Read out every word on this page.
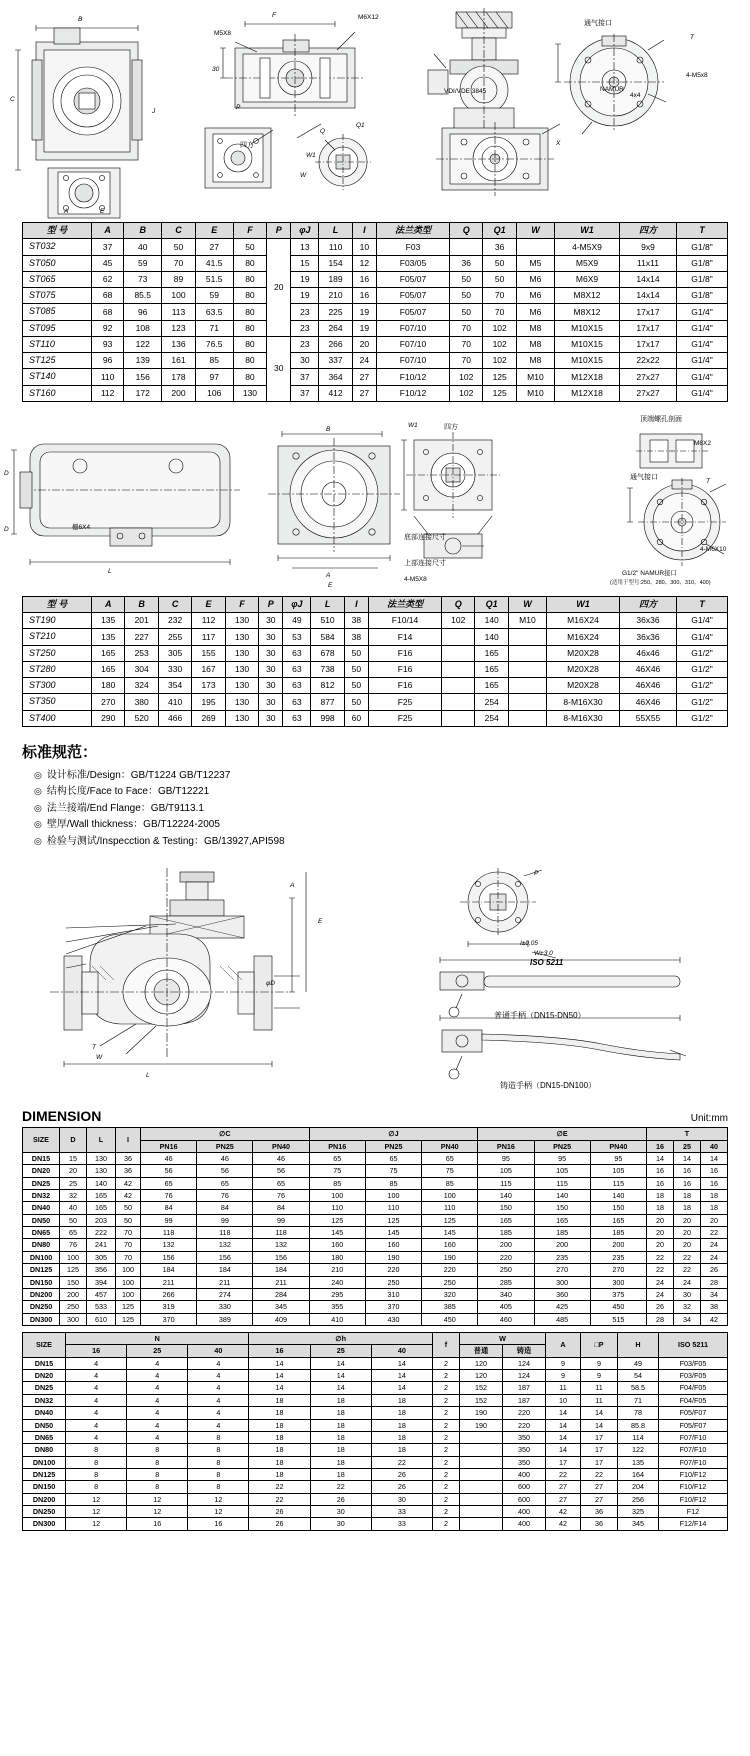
B
A	E
C
J
F
M5X8
M6X12
30
四方
Q
Q1
W1
W
VDI/VDE 3845	NAMUR
通气接口
T
4-M5x8
4x4
X
P
型 号	A	B	C	E	F	P	φJ	L	I	法兰类型	Q	Q1	W	W1	四方	T
ST032	37	40	50	27	50	20	13	110	10	F03		36		4-M5X9	9x9	G1/8"
ST050	45	59	70	41.5	80		15	154	12	F03/05	36	50	M5	M5X9	11x11	G1/8"
ST065	62	73	89	51.5	80		19	189	16	F05/07	50	50	M6	M6X9	14x14	G1/8"
ST075	68	85.5	100	59	80		19	210	16	F05/07	50	70	M6	M8X12	14x14	G1/8"
ST085	68	96	113	63.5	80		23	225	19	F05/07	50	70	M6	M8X12	17x17	G1/4"
ST095	92	108	123	71	80		23	264	19	F07/10	70	102	M8	M10X15	17x17	G1/4"
ST110	93	122	136	76.5	80	30	23	266	20	F07/10	70	102	M8	M10X15	17x17	G1/4"
ST125	96	139	161	85	80		30	337	24	F07/10	70	102	M8	M10X15	22x22	G1/4"
ST140	110	156	178	97	80		37	364	27	F10/12	102	125	M10	M12X18	27x27	G1/4"
ST160	112	172	200	106	130		37	412	27	F10/12	102	125	M10	M12X18	27x27	G1/4"
D
D	栅6X4
L
B
A
E
W1	四方
底部连接尺寸
上部连接尺寸
4-M5X8
顶端螺孔剖面
M8X2
通气接口
T
G1/2" NAMUR接口
(适用于型号:250、280、300、310、400)
4-M6X10
型 号	A	B	C	E	F	P	φJ	L	I	法兰类型	Q	Q1	W	W1	四方	T
ST190	135	201	232	112	130	30	49	510	38	F10/14	102	140	M10	M16X24	36x36	G1/4"
ST210	135	227	255	117	130	30	53	584	38	F14		140		M16X24	36x36	G1/4"
ST250	165	253	305	155	130	30	63	678	50	F16		165		M20X28	46x46	G1/2"
ST280	165	304	330	167	130	30	63	738	50	F16		165		M20X28	46X46	G1/2"
ST300	180	324	354	173	130	30	63	812	50	F16		165		M20X28	46X46	G1/2"
ST350	270	380	410	195	130	30	63	877	50	F25		254		8-M16X30	46X46	G1/2"
ST400	290	520	466	269	130	30	63	998	60	F25		254		8-M16X30	55X55	G1/2"
标准规范：
◎ 设计标准/Design：GB/T1224 GB/T12237
◎ 结构长度/Face to Face：GB/T12221
◎ 法兰接端/End Flange：GB/T9113.1
◎ 壁厚/Wall thickness：GB/T12224-2005
◎ 检验与测试/Inspecction & Testing：GB/13927,API598
A
E
L
T
W
φD
P
I±0.05
ISO 5211
W±3.0
普通手柄（DN15-DN50）
铸造手柄（DN15-DN100）
DIMENSION	Unit:mm
SIZE	D	L	I	∅C			∅J			∅E			T		
				PN16	PN25	PN40	PN16	PN25	PN40	PN16	PN25	PN40	16	25	40
DN15	15	130	36	46	46	46	65	65	65	95	95	95	14	14	14
DN20	20	130	36	56	56	56	75	75	75	105	105	105	16	16	16
DN25	25	140	42	65	65	65	85	85	85	115	115	115	16	16	16
DN32	32	165	42	76	76	76	100	100	100	140	140	140	18	18	18
DN40	40	165	50	84	84	84	110	110	110	150	150	150	18	18	18
DN50	50	203	50	99	99	99	125	125	125	165	165	165	20	20	20
DN65	65	222	70	118	118	118	145	145	145	185	185	185	20	20	22
DN80	76	241	70	132	132	132	160	160	160	200	200	200	20	20	24
DN100	100	305	70	156	156	156	180	190	190	220	235	235	22	22	24
DN125	125	356	100	184	184	184	210	220	220	250	270	270	22	22	26
DN150	150	394	100	211	211	211	240	250	250	285	300	300	24	24	28
DN200	200	457	100	266	274	284	295	310	320	340	360	375	24	30	34
DN250	250	533	125	319	330	345	355	370	385	405	425	450	26	32	38
DN300	300	610	125	370	389	409	410	430	450	460	485	515	28	34	42
SIZE	N			∅h			f	W		A	□P	H	ISO 5211
	16	25	40	16	25	40		普通	铸造				
DN15	4	4	4	14	14	14	2	120	124	9	9	49	F03/F05
DN20	4	4	4	14	14	14	2	120	124	9	9	54	F03/F05
DN25	4	4	4	14	14	14	2	152	187	11	11	58.5	F04/F05
DN32	4	4	4	18	18	18	2	152	187	10	11	71	F04/F05
DN40	4	4	4	18	18	18	2	190	220	14	14	78	F05/F07
DN50	4	4	4	18	18	18	2	190	220	14	14	85.8	F05/F07
DN65	4	4	8	18	18	18	2		350	14	17	114	F07/F10
DN80	8	8	8	18	18	18	2		350	14	17	122	F07/F10
DN100	8	8	8	18	18	22	2		350	17	17	135	F07/F10
DN125	8	8	8	18	18	26	2		400	22	22	164	F10/F12
DN150	8	8	8	22	22	26	2		600	27	27	204	F10/F12
DN200	12	12	12	22	26	30	2		600	27	27	256	F10/F12
DN250	12	12	12	26	30	33	2		400	42	36	325	F12
DN300	12	16	16	26	30	33	2		400	42	36	345	F12/F14
